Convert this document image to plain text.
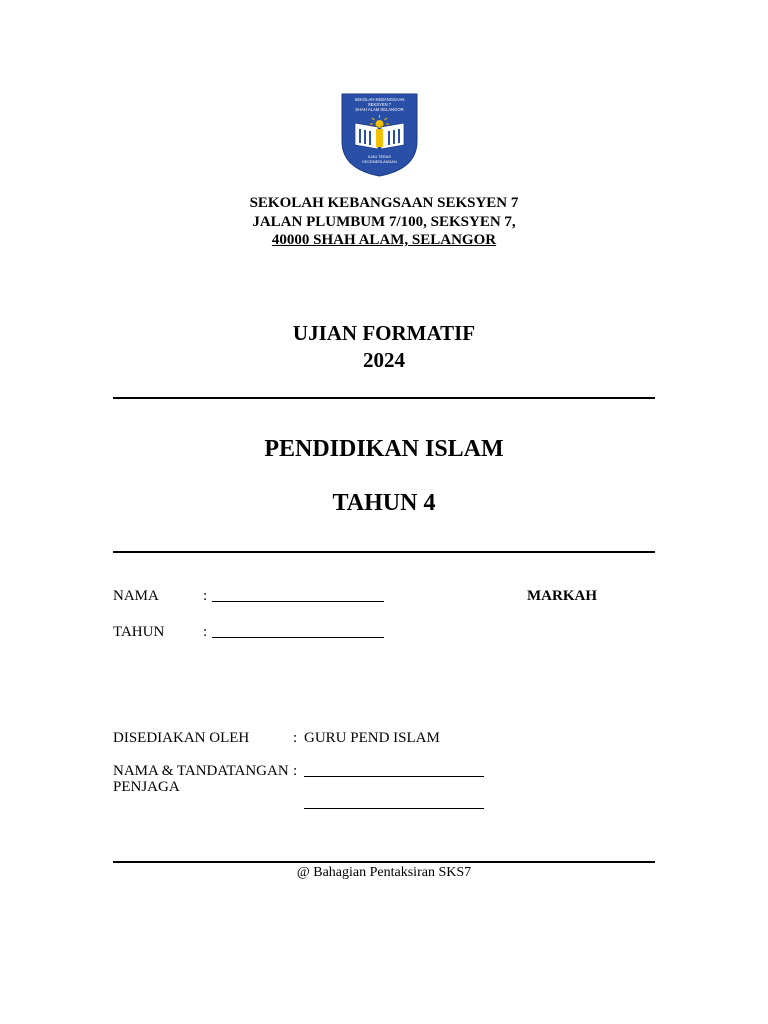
SEKOLAH KEBANGSAAN
SEKSYEN 7
SHAH ALAM SELANGOR
ILMU TERAS
KECEMERLANGAN
SEKOLAH KEBANGSAAN SEKSYEN 7
JALAN PLUMBUM 7/100, SEKSYEN 7,
40000 SHAH ALAM, SELANGOR
UJIAN FORMATIF
2024
PENDIDIKAN ISLAM
TAHUN 4
NAMA	:	MARKAH
TAHUN	:
DISEDIAKAN OLEH	: GURU PEND ISLAM
NAMA & TANDATANGAN
PENJAGA
:
@ Bahagian Pentaksiran SKS7
